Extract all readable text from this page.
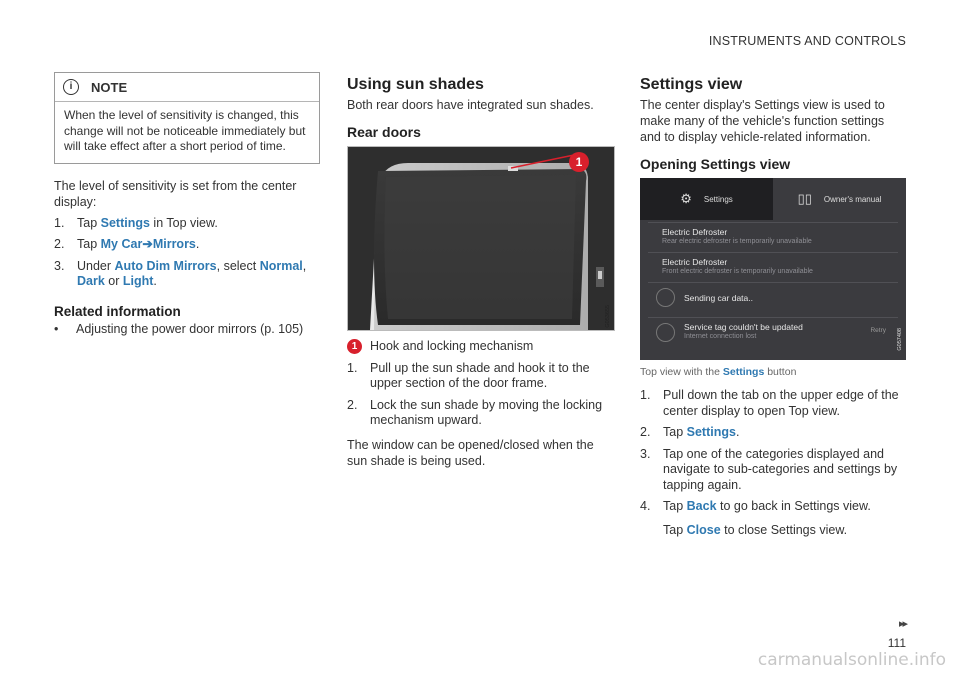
INSTRUMENTS AND CONTROLS
i	NOTE
When the level of sensitivity is changed, this change will not be noticeable immediately but will take effect after a short period of time.

The level of sensitivity is set from the center display:

1.	Tap Settings in Top view.
2.	Tap My Car➔Mirrors.
3.	Under Auto Dim Mirrors, select Normal, Dark or Light.
Related information
•	Adjusting the power door mirrors (p. 105)
Using sun shades

Both rear doors have integrated sun shades.

Rear doors
1
G053655
1	Hook and locking mechanism
1.	Pull up the sun shade and hook it to the upper section of the door frame.
2.	Lock the sun shade by moving the locking mechanism upward.

The window can be opened/closed when the sun shade is being used.

Settings view

The center display's Settings view is used to make many of the vehicle's function settings and to display vehicle-related information.

Opening Settings view
⚙ Settings	▯▯ Owner's manual
Electric Defroster
Rear electric defroster is temporarily unavailable
Electric Defroster
Front electric defroster is temporarily unavailable
Sending car data..
Service tag couldn't be updated
Internet connection lost
Retry G057408
Top view with the Settings button
1.	Pull down the tab on the upper edge of the center display to open Top view.
2.	Tap Settings.
3.	Tap one of the categories displayed and navigate to sub-categories and settings by tapping again.
4.	Tap Back to go back in Settings view.

Tap Close to close Settings view.

▸▸
111
carmanualsonline.info
